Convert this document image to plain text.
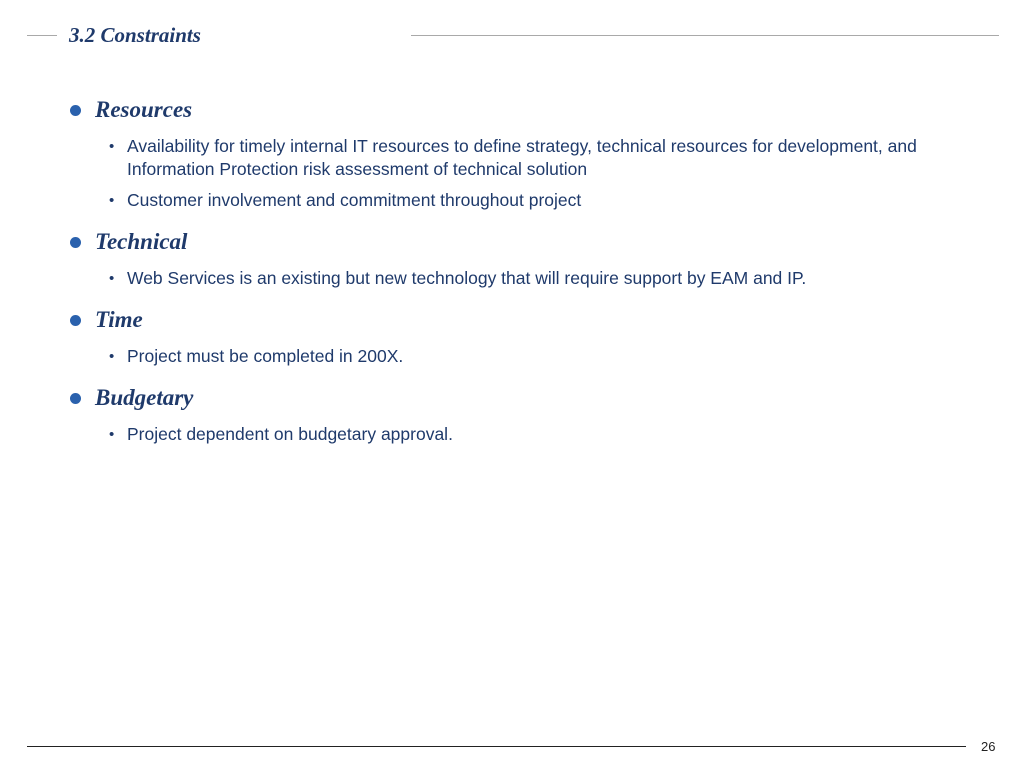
3.2 Constraints
Resources
• Availability for timely internal IT resources to define strategy, technical resources for development, and Information Protection risk assessment of technical solution
• Customer involvement and commitment throughout project
Technical
• Web Services is an existing but new technology that will require support by EAM and IP.
Time
• Project must be completed in 200X.
Budgetary
• Project dependent on budgetary approval.
26
